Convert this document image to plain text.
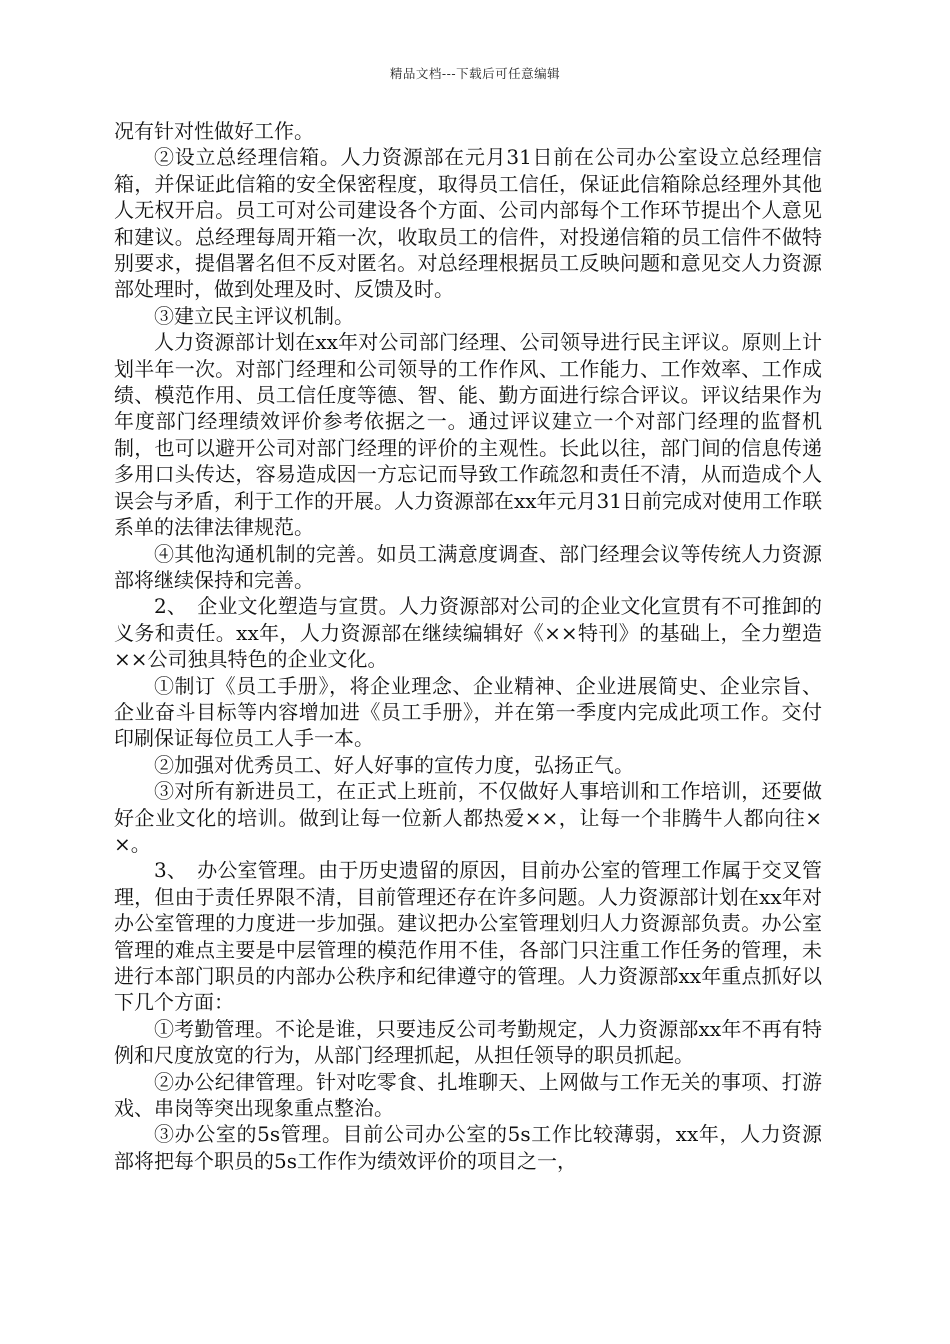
精品文档---下载后可任意编辑

况有针对性做好工作。

②设立总经理信箱。人力资源部在元月31日前在公司办公室设立总经理信箱，并保证此信箱的安全保密程度，取得员工信任，保证此信箱除总经理外其他人无权开启。员工可对公司建设各个方面、公司内部每个工作环节提出个人意见和建议。总经理每周开箱一次，收取员工的信件，对投递信箱的员工信件不做特别要求，提倡署名但不反对匿名。对总经理根据员工反映问题和意见交人力资源部处理时，做到处理及时、反馈及时。

③建立民主评议机制。

人力资源部计划在xx年对公司部门经理、公司领导进行民主评议。原则上计划半年一次。对部门经理和公司领导的工作作风、工作能力、工作效率、工作成绩、模范作用、员工信任度等德、智、能、勤方面进行综合评议。评议结果作为年度部门经理绩效评价参考依据之一。通过评议建立一个对部门经理的监督机制，也可以避开公司对部门经理的评价的主观性。长此以往，部门间的信息传递多用口头传达，容易造成因一方忘记而导致工作疏忽和责任不清，从而造成个人误会与矛盾，利于工作的开展。人力资源部在xx年元月31日前完成对使用工作联系单的法律法律规范。

④其他沟通机制的完善。如员工满意度调查、部门经理会议等传统人力资源部将继续保持和完善。

2、　企业文化塑造与宣贯。人力资源部对公司的企业文化宣贯有不可推卸的义务和责任。xx年，人力资源部在继续编辑好《××特刊》的基础上，全力塑造××公司独具特色的企业文化。

①制订《员工手册》，将企业理念、企业精神、企业进展简史、企业宗旨、企业奋斗目标等内容增加进《员工手册》，并在第一季度内完成此项工作。交付印刷保证每位员工人手一本。

②加强对优秀员工、好人好事的宣传力度，弘扬正气。

③对所有新进员工，在正式上班前，不仅做好人事培训和工作培训，还要做好企业文化的培训。做到让每一位新人都热爱××，让每一个非腾牛人都向往××。

3、　办公室管理。由于历史遗留的原因，目前办公室的管理工作属于交叉管理，但由于责任界限不清，目前管理还存在许多问题。人力资源部计划在xx年对办公室管理的力度进一步加强。建议把办公室管理划归人力资源部负责。办公室管理的难点主要是中层管理的模范作用不佳，各部门只注重工作任务的管理，未进行本部门职员的内部办公秩序和纪律遵守的管理。人力资源部xx年重点抓好以下几个方面：

①考勤管理。不论是谁，只要违反公司考勤规定，人力资源部xx年不再有特例和尺度放宽的行为，从部门经理抓起，从担任领导的职员抓起。

②办公纪律管理。针对吃零食、扎堆聊天、上网做与工作无关的事项、打游戏、串岗等突出现象重点整治。

③办公室的5s管理。目前公司办公室的5s工作比较薄弱，xx年，人力资源部将把每个职员的5s工作作为绩效评价的项目之一，
